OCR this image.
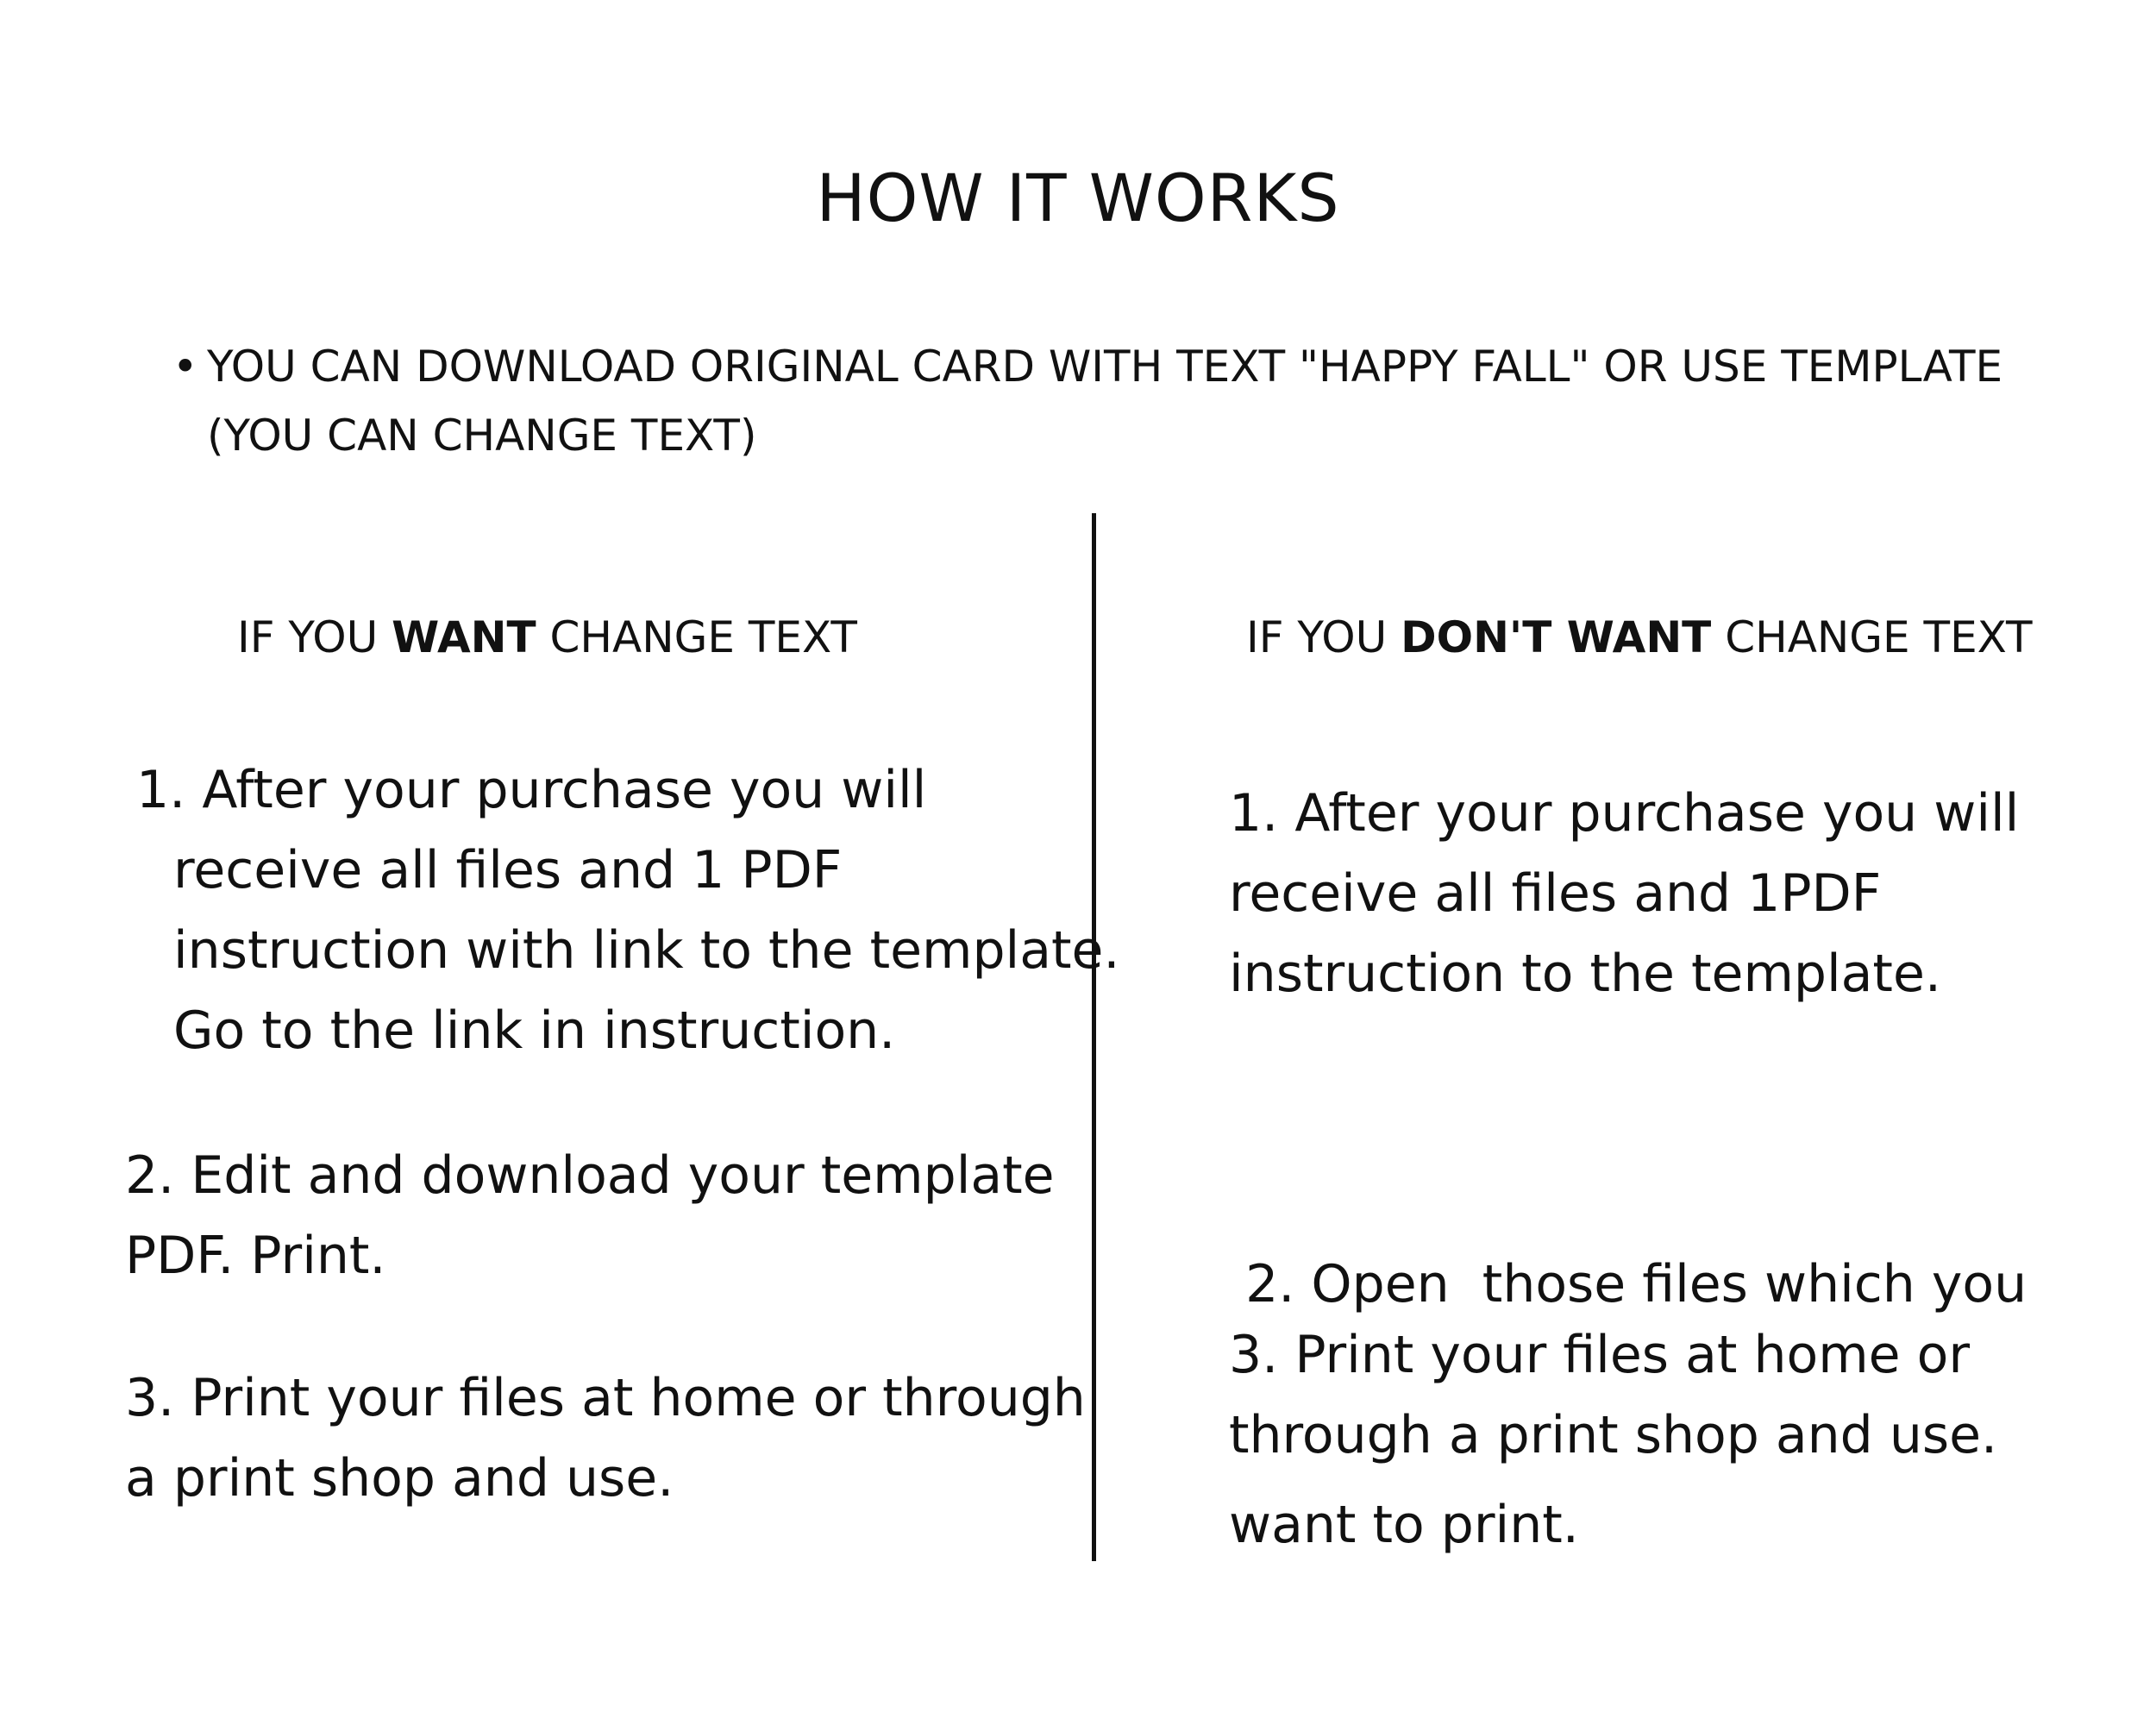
HOW IT WORKS
• YOU CAN DOWNLOAD ORIGINAL CARD WITH TEXT "HAPPY FALL" OR USE TEMPLATE
(YOU CAN CHANGE TEXT)
IF YOU WANT CHANGE TEXT
1. After your purchase you will
receive all files and 1 PDF
instruction with link to the template.
Go to the link in instruction.
2. Edit and download your template
PDF. Print.
3. Print your files at home or through
a print shop and use.
IF YOU DON'T WANT CHANGE TEXT
1. After your purchase you will
receive all files and 1PDF
instruction to the template.

2. Open  those files which you

want to print.

3. Print your files at home or
through a print shop and use.
